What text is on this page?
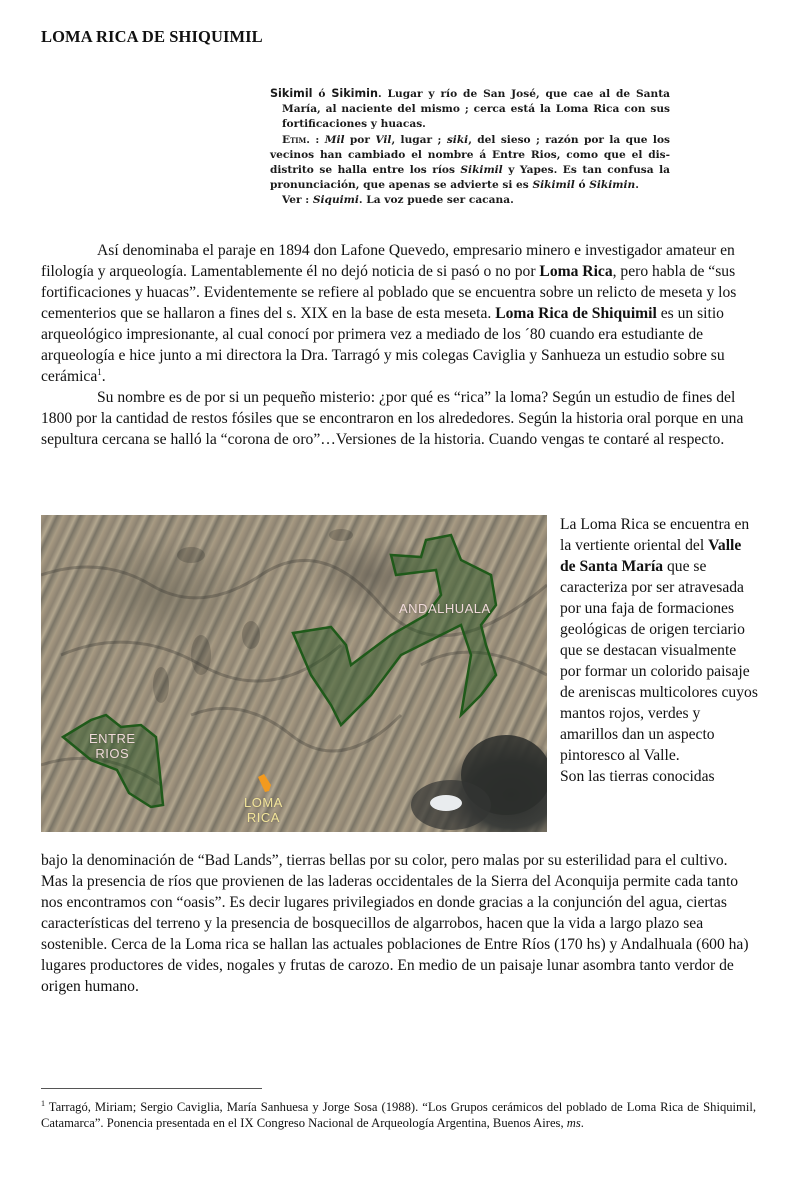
LOMA RICA DE SHIQUIMIL

Sikimil ó Sikimin. Lugar y río de San José, que cae al de Santa María, al naciente del mismo ; cerca está la Loma Rica con sus fortificaciones y huacas.

Etim. : Mil por Vil, lugar ; siki, del sieso ; razón por la que los vecinos han cambiado el nombre á Entre Rios, como que el dis-distrito se halla entre los ríos Sikimil y Yapes. Es tan confusa la pronunciación, que apenas se advierte si es Sikimil ó Sikimin.

Ver : Siquimi. La voz puede ser cacana.

Así denominaba el paraje en 1894 don Lafone Quevedo, empresario minero e investigador amateur en filología y arqueología. Lamentablemente él no dejó noticia de si pasó o no por Loma Rica, pero habla de “sus fortificaciones y huacas”. Evidentemente se refiere al poblado que se encuentra sobre un relicto de meseta y los cementerios que se hallaron a fines del s. XIX en la base de esta meseta. Loma Rica de Shiquimil es un sitio arqueológico impresionante, al cual conocí por primera vez a mediado de los ´80 cuando era estudiante de arqueología e hice junto a mi directora la Dra. Tarragó y mis colegas Caviglia y Sanhueza un estudio sobre su cerámica$^1$.

Su nombre es de por si un pequeño misterio: ¿por qué es “rica” la loma? Según un estudio de fines del 1800 por la cantidad de restos fósiles que se encontraron en los alrededores. Según la historia oral porque en una sepultura cercana se halló la “corona de oro”…Versiones de la historia. Cuando vengas te contaré al respecto.

ANDALHUALA
ENTRE
RIOS
LOMA
RICA

La Loma Rica se encuentra en la vertiente oriental del Valle de Santa María que se caracteriza por ser atravesada por una faja de formaciones geológicas de origen terciario que se destacan visualmente por formar un colorido paisaje de areniscas multicolores cuyos mantos rojos, verdes y amarillos dan un aspecto pintoresco al Valle.

Son las tierras conocidas

bajo la denominación de “Bad Lands”, tierras bellas por su color, pero malas por su esterilidad para el cultivo. Mas la presencia de ríos que provienen de las laderas occidentales de la Sierra del Aconquija permite cada tanto nos encontramos con “oasis”. Es decir lugares privilegiados en donde gracias a la conjunción del agua, ciertas características del terreno y la presencia de bosquecillos de algarrobos, hacen que la vida a largo plazo sea sostenible. Cerca de la Loma rica se hallan las actuales poblaciones de Entre Ríos (170 hs) y Andalhuala (600 ha) lugares productores de vides, nogales y frutas de carozo. En medio de un paisaje lunar asombra tanto verdor de origen humano.

$^1$ Tarragó, Miriam; Sergio Caviglia, María Sanhuesa y Jorge Sosa (1988). “Los Grupos cerámicos del poblado de Loma Rica de Shiquimil, Catamarca”. Ponencia presentada en el IX Congreso Nacional de Arqueología Argentina, Buenos Aires, ms.
